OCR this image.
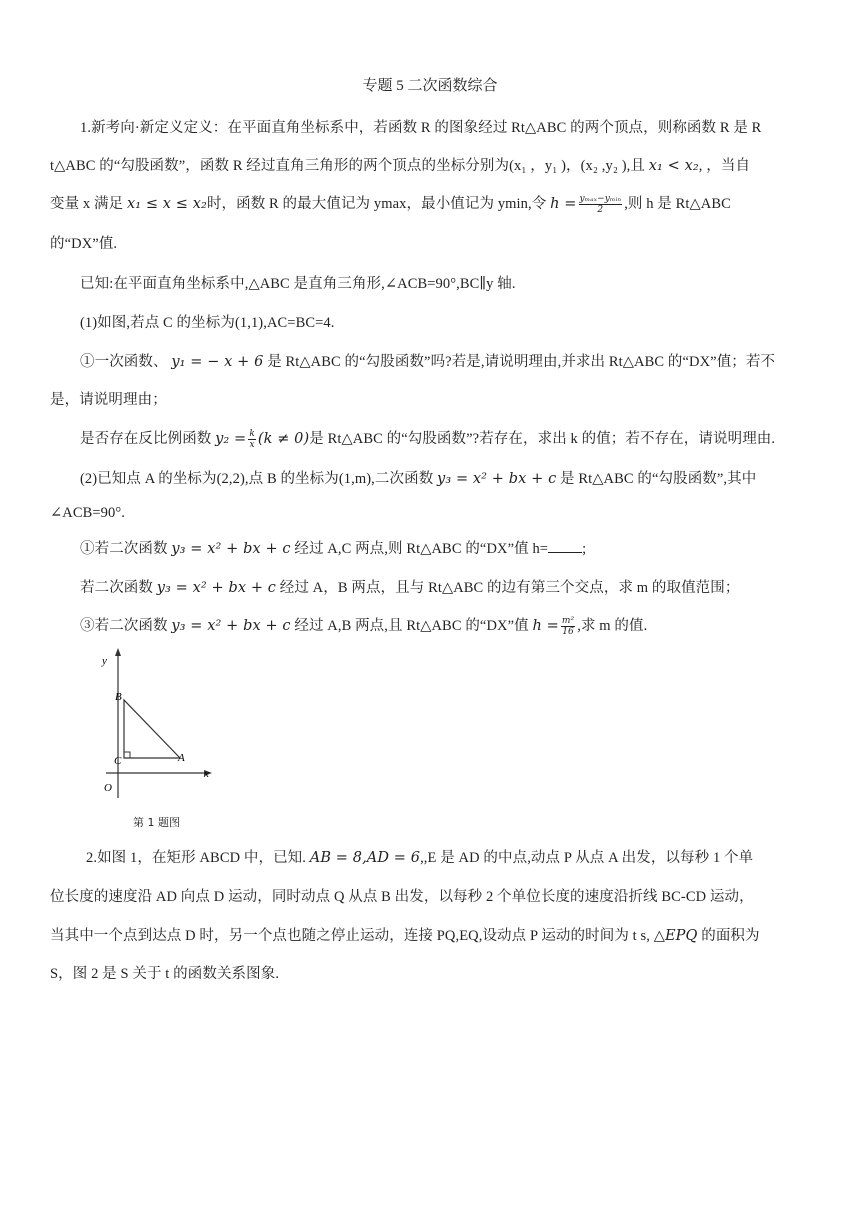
专题 5 二次函数综合
1.新考向·新定义定义：在平面直角坐标系中，若函数 R 的图象经过 Rt△ABC 的两个顶点，则称函数 R 是 R
t△ABC 的“勾股函数”，函数 R 经过直角三角形的两个顶点的坐标分别为(x₁ ，y₁ )，(x₂ ,y₂ ),且 x₁ < x₂, ，当自
变量 x 满足 x₁ ≤ x ≤ x₂时，函数 R 的最大值记为 ymax，最小值记为 ymin,令 $h = \frac{\text{yₘₐₓ−yₘᵢₙ}}{2}$ ,则 h 是 Rt△ABC
的“DX”值.
已知:在平面直角坐标系中,△ABC 是直角三角形,∠ACB=90°,BC∥y 轴.
(1)如图,若点 C 的坐标为(1,1),AC=BC=4.
①一次函数、 y₁ = − x + 6 是 Rt△ABC 的“勾股函数”吗?若是,请说明理由,并求出 Rt△ABC 的“DX”值；若不
是，请说明理由；
是否存在反比例函数 $y_2 = \frac{k}{x} (k \ne 0)$是 Rt△ABC 的“勾股函数”?若存在，求出 k 的值；若不存在，请说明理由.
(2)已知点 A 的坐标为(2,2),点 B 的坐标为(1,m),二次函数 y₃ = x² + bx + c 是 Rt△ABC 的“勾股函数”,其中
∠ACB=90°.
①若二次函数 y₃ = x² + bx + c 经过 A,C 两点,则 Rt△ABC 的“DX”值 h= ;
若二次函数 y₃ = x² + bx + c 经过 A，B 两点，且与 Rt△ABC 的边有第三个交点，求 m 的取值范围；
③若二次函数 y₃ = x² + bx + c 经过 A,B 两点,且 Rt△ABC 的“DX”值 $h = \frac{\text{m²}}{16}$ ,求 m 的值.
y
x
O
B
C	A
第 1 题图
2.如图 1，在矩形 ABCD 中，已知. AB = 8,AD = 6,,E 是 AD 的中点,动点 P 从点 A 出发，以每秒 1 个单
位长度的速度沿 AD 向点 D 运动，同时动点 Q 从点 B 出发，以每秒 2 个单位长度的速度沿折线 BC-CD 运动，
当其中一个点到达点 D 时，另一个点也随之停止运动，连接 PQ,EQ,设动点 P 运动的时间为 t s, △EPQ 的面积为
S，图 2 是 S 关于 t 的函数关系图象.
